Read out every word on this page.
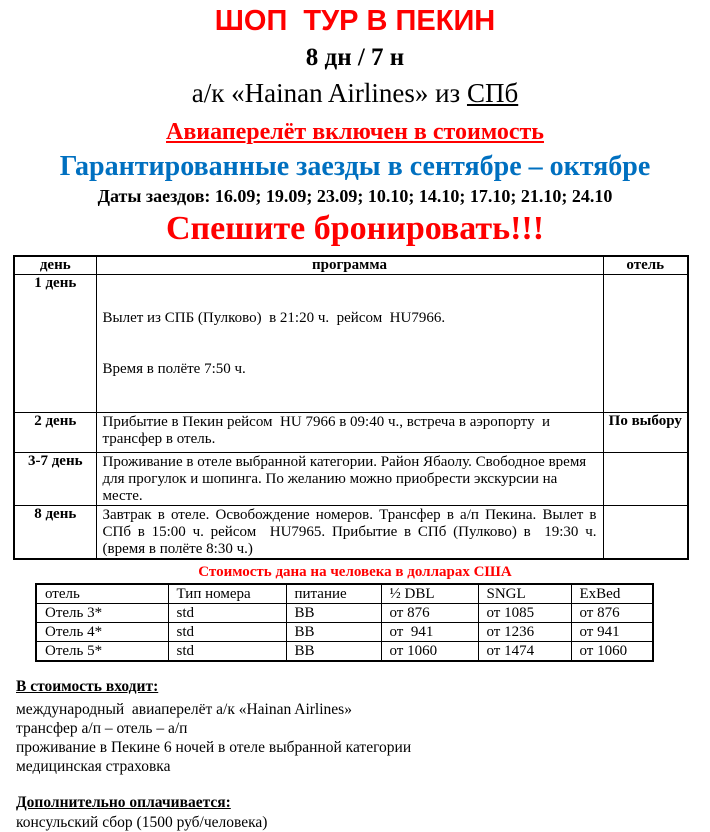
ШОП  ТУР В ПЕКИН
8 дн / 7 н
а/к «Hainan Airlines» из СПб
Авиаперелёт включен в стоимость
Гарантированные заезды в сентябре – октябре
Даты заездов: 16.09; 19.09; 23.09; 10.10; 14.10; 17.10; 21.10; 24.10
Спешите бронировать!!!
день	программа	отель
1 день	Вылет из СПБ (Пулково)  в 21:20 ч.  рейсом  HU7966.

Время в полёте 7:50 ч.	

2 день	Прибытие в Пекин рейсом  HU 7966 в 09:40 ч., встреча в аэропорту  и трансфер в отель.	По выбору
3-7 день	Проживание в отеле выбранной категории. Район Ябаолу. Свободное время для прогулок и шопинга. По желанию можно приобрести экскурсии на месте.	
8 день	Завтрак в отеле. Освобождение номеров. Трансфер в а/п Пекина. Вылет в СПб в 15:00 ч. рейсом  HU7965. Прибытие в СПб (Пулково) в  19:30 ч. (время в полёте 8:30 ч.)	
Стоимость дана на человека в долларах США
отель	Тип номера	питание	½ DBL	SNGL	ExBed
Отель 3*	std	BB	от 876	от 1085	от 876
Отель 4*	std	BB	от  941	от 1236	от 941
Отель 5*	std	BB	от 1060	от 1474	от 1060
В стоимость входит:
международный  авиаперелёт а/к «Hainan Airlines»
трансфер а/п – отель – а/п
проживание в Пекине 6 ночей в отеле выбранной категории
медицинская страховка
Дополнительно оплачивается:
консульский сбор (1500 руб/человека)
